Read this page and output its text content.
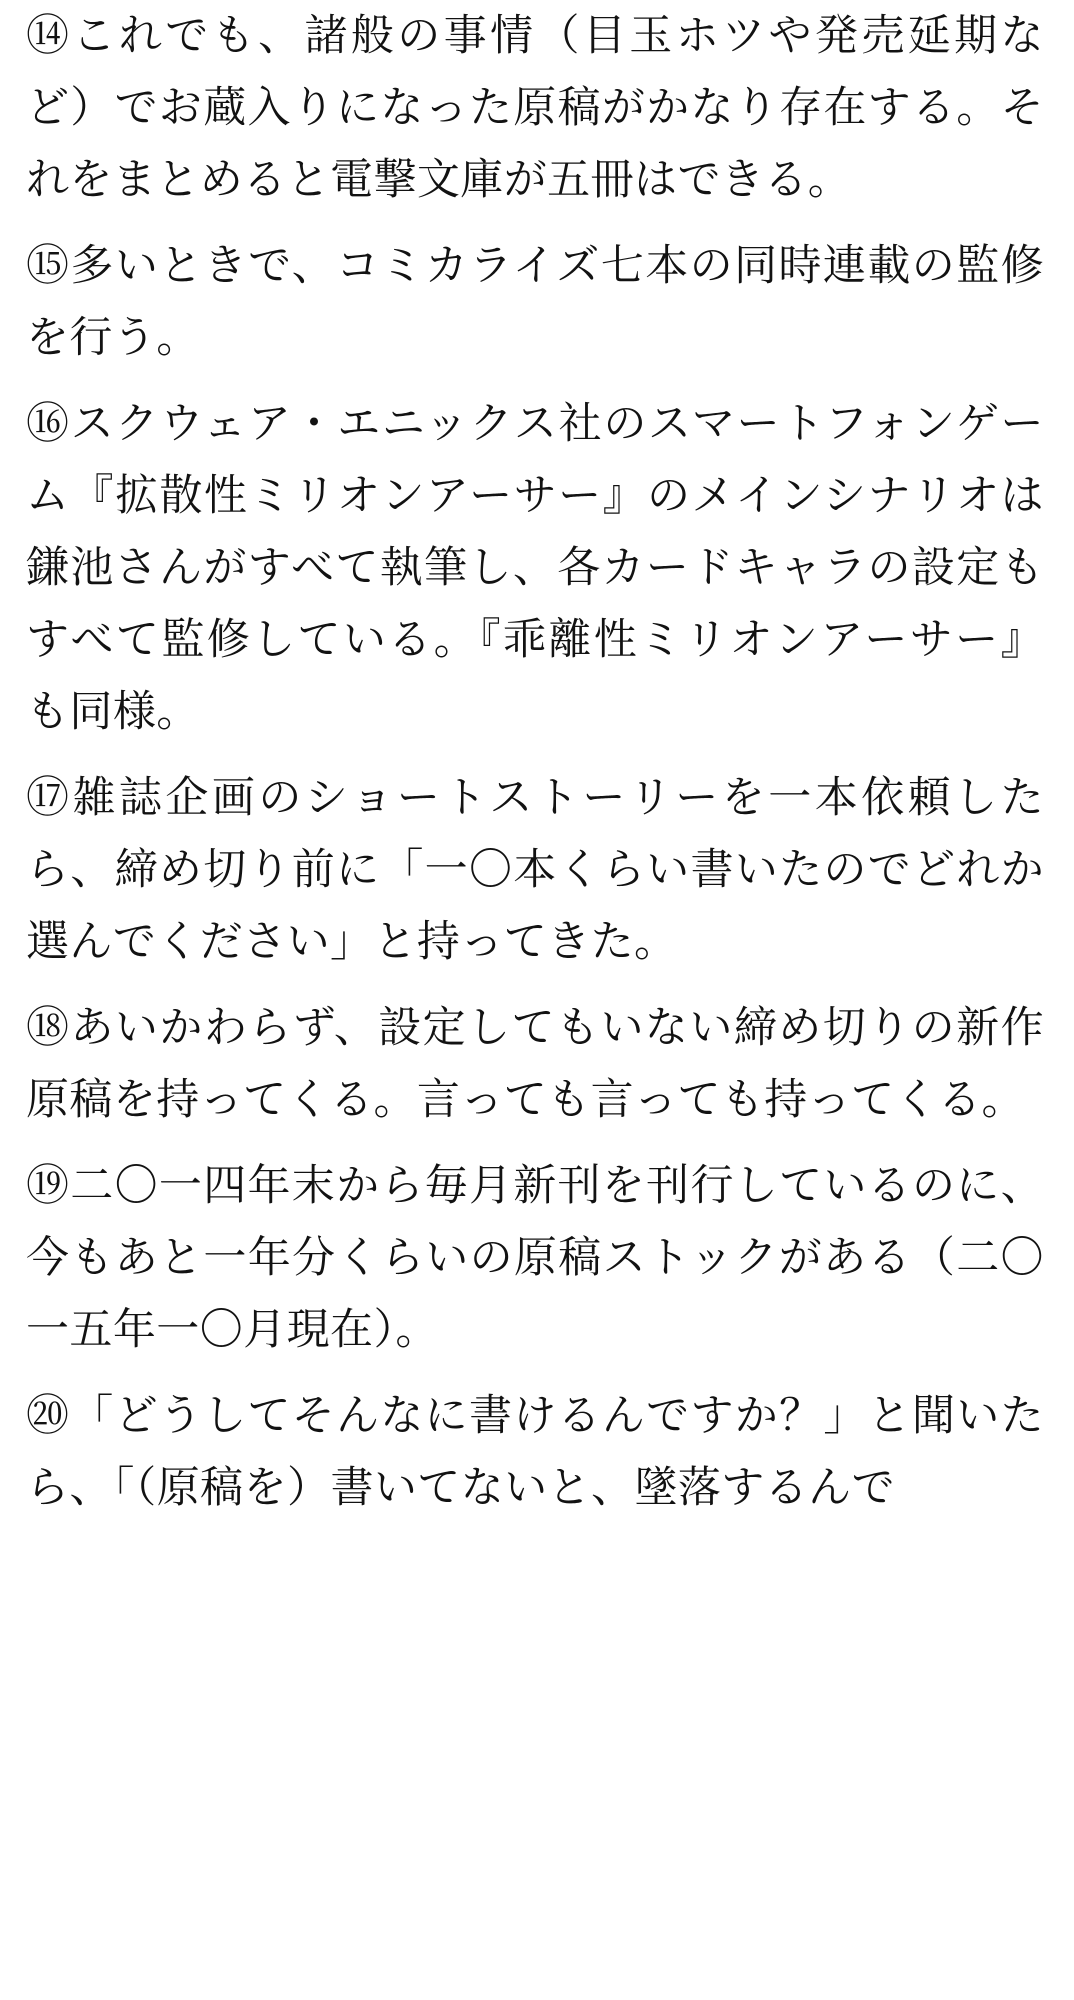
⑭これでも、諸般の事情（目玉ホツや発売延期など）でお蔵入りになった原稿がかなり存在する。それをまとめると電撃文庫が五冊はできる。

⑮多いときで、コミカライズ七本の同時連載の監修を行う。

⑯スクウェア・エニックス社のスマートフォンゲーム『拡散性ミリオンアーサー』のメインシナリオは鎌池さんがすべて執筆し、各カードキャラの設定もすべて監修している。『乖離性ミリオンアーサー』も同様。

⑰雑誌企画のショートストーリーを一本依頼したら、締め切り前に「一〇本くらい書いたのでどれか選んでください」と持ってきた。

⑱あいかわらず、設定してもいない締め切りの新作原稿を持ってくる。言っても言っても持ってくる。

⑲二〇一四年末から毎月新刊を刊行しているのに、今もあと一年分くらいの原稿ストックがある（二〇一五年一〇月現在）。

⑳「どうしてそんなに書けるんですか？」と聞いたら、「（原稿を）書いてないと、墜落するんで
